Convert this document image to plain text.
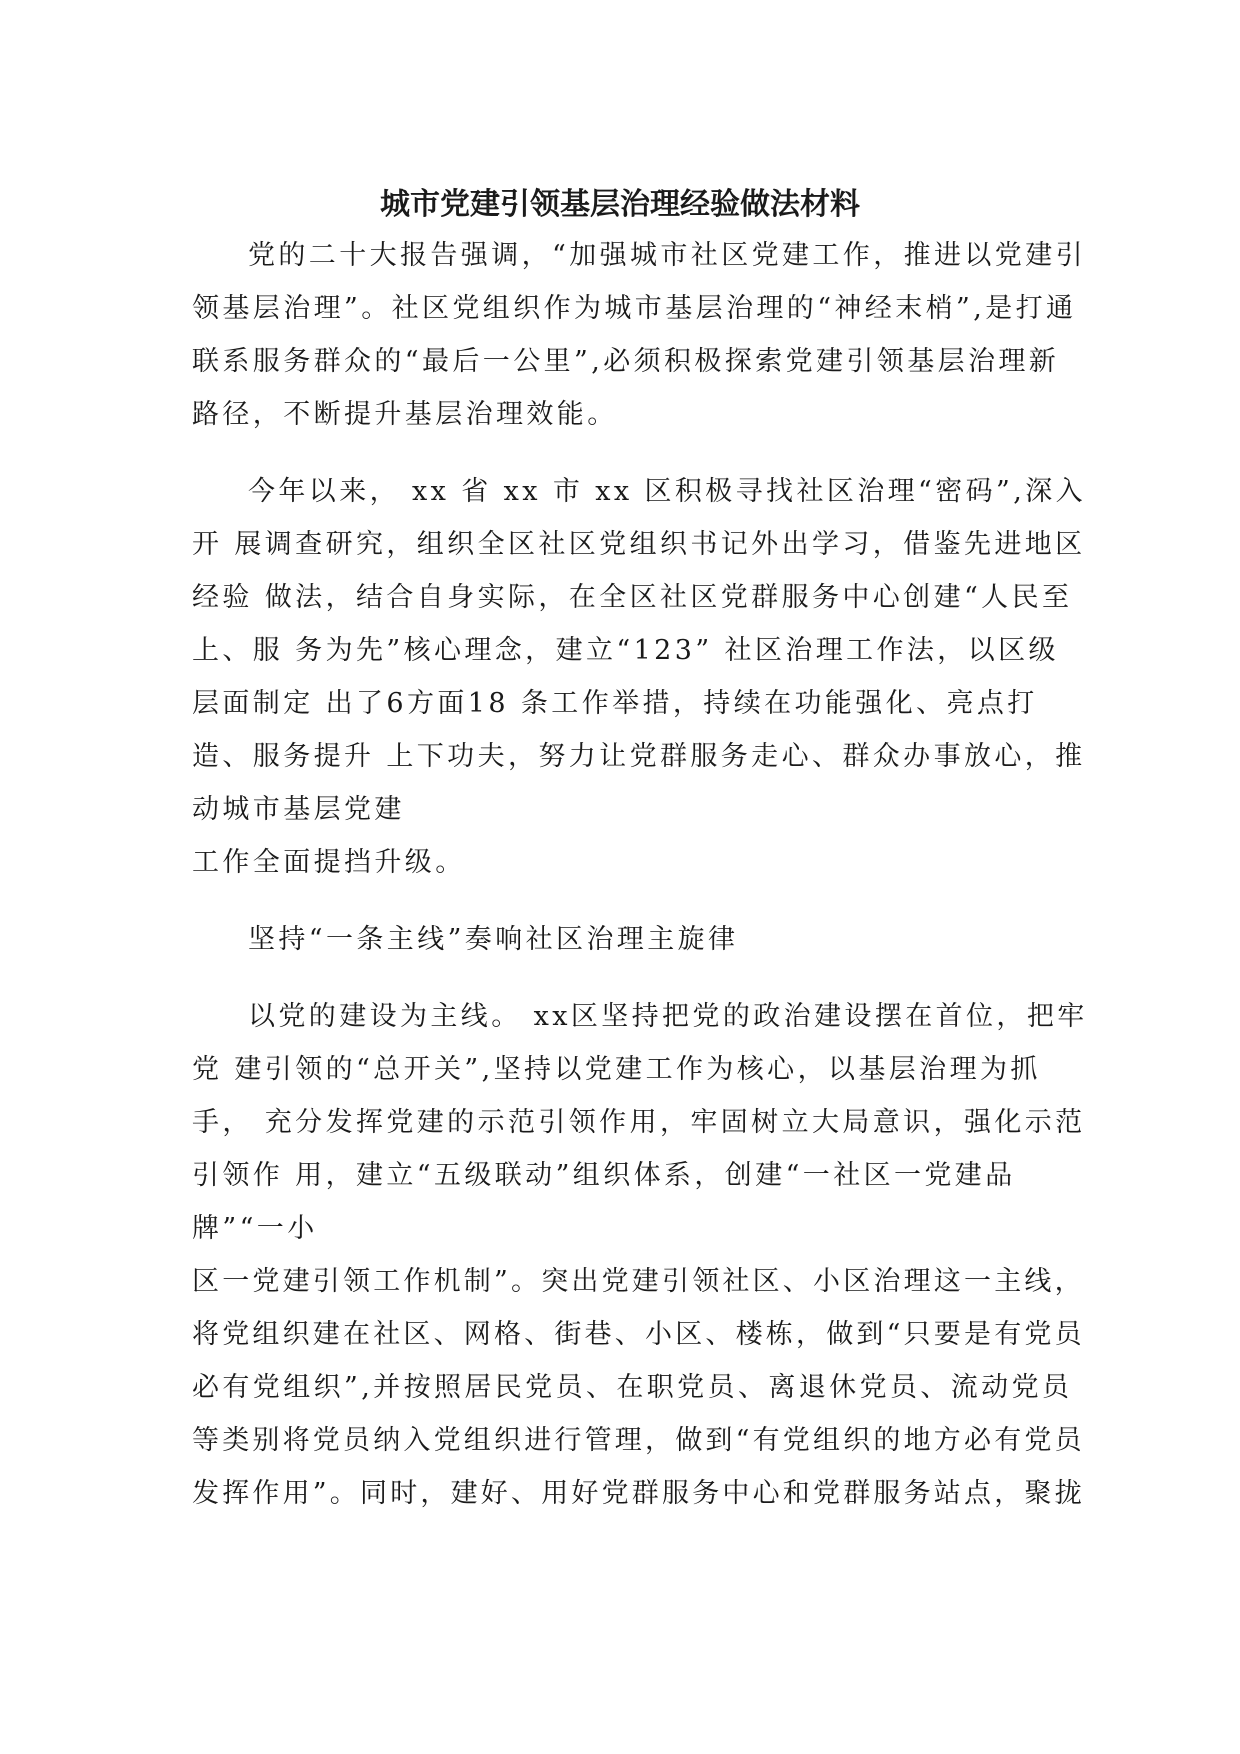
城市党建引领基层治理经验做法材料
党的二十大报告强调，“加强城市社区党建工作，推进以党建引
领基层治理”。社区党组织作为城市基层治理的“神经末梢”,是打通
联系服务群众的“最后一公里”,必须积极探索党建引领基层治理新
路径，不断提升基层治理效能。
今年以来， xx 省 xx 市 xx 区积极寻找社区治理“密码”,深入
开 展调查研究，组织全区社区党组织书记外出学习，借鉴先进地区
经验 做法，结合自身实际，在全区社区党群服务中心创建“人民至
上、服 务为先”核心理念，建立“123” 社区治理工作法，以区级
层面制定 出了6方面18 条工作举措，持续在功能强化、亮点打
造、服务提升 上下功夫，努力让党群服务走心、群众办事放心，推
动城市基层党建
工作全面提挡升级。
坚持“一条主线”奏响社区治理主旋律
以党的建设为主线。 xx区坚持把党的政治建设摆在首位，把牢
党 建引领的“总开关”,坚持以党建工作为核心，以基层治理为抓
手， 充分发挥党建的示范引领作用，牢固树立大局意识，强化示范
引领作 用，建立“五级联动”组织体系，创建“一社区一党建品
牌”“一小
区一党建引领工作机制”。突出党建引领社区、小区治理这一主线，
将党组织建在社区、网格、街巷、小区、楼栋，做到“只要是有党员
必有党组织”,并按照居民党员、在职党员、离退休党员、流动党员
等类别将党员纳入党组织进行管理，做到“有党组织的地方必有党员
发挥作用”。同时，建好、用好党群服务中心和党群服务站点，聚拢
